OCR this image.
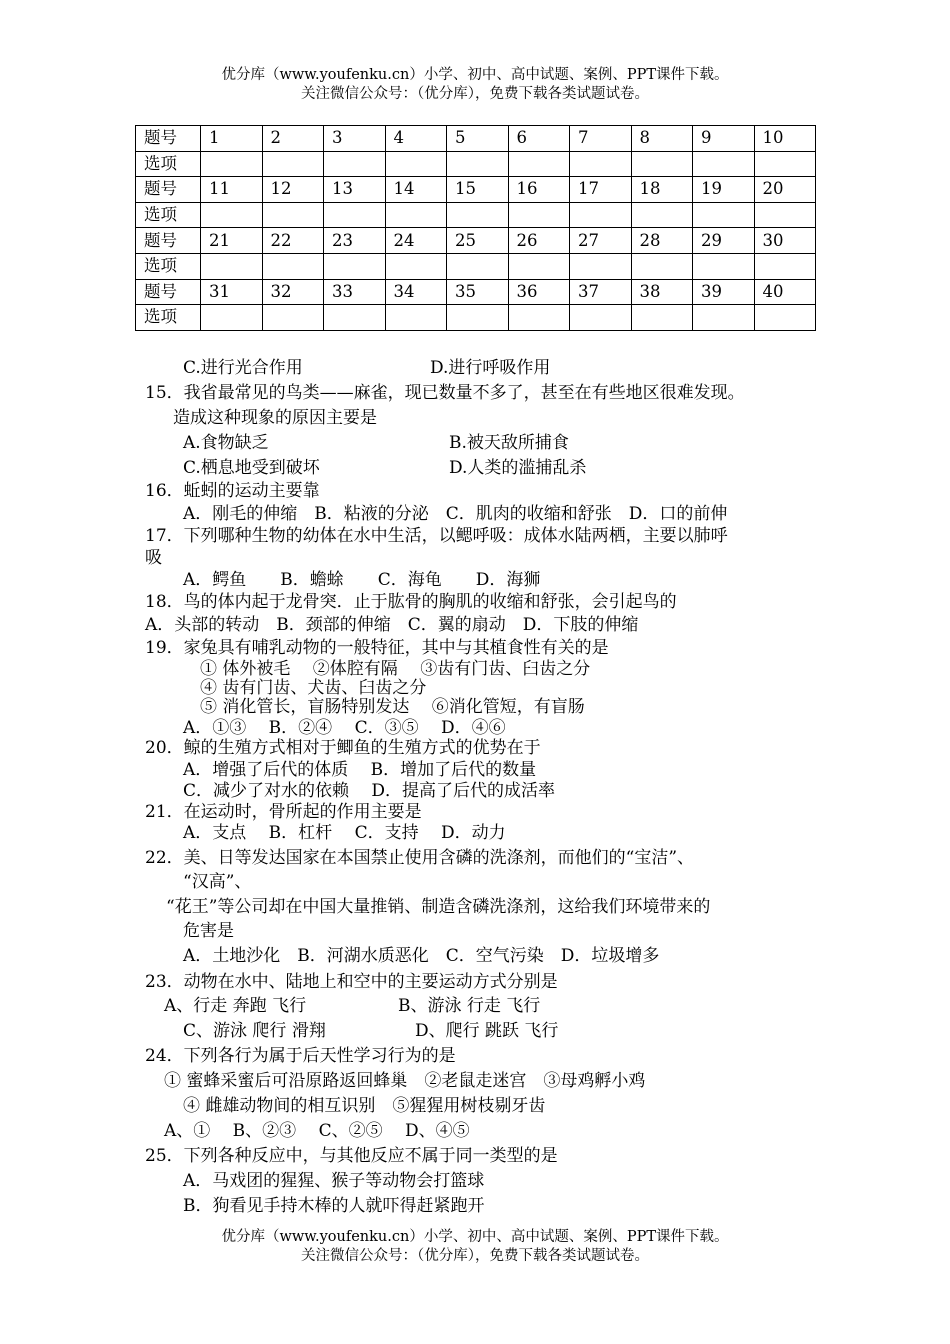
优分库（www.youfenku.cn）小学、初中、高中试题、案例、PPT课件下载。
关注微信公众号：（优分库），免费下载各类试题试卷。
题号	1	2	3	4	5	6	7	8	9	10
选项										
题号	11	12	13	14	15	16	17	18	19	20
选项										
题号	21	22	23	24	25	26	27	28	29	30
选项										
题号	31	32	33	34	35	36	37	38	39	40
选项										
C.进行光合作用	D.进行呼吸作用
15．我省最常见的鸟类——麻雀，现已数量不多了，甚至在有些地区很难发现。
造成这种现象的原因主要是
A.食物缺乏	B.被天敌所捕食
C.栖息地受到破坏	D.人类的滥捕乱杀
16．蚯蚓的运动主要靠
A．刚毛的伸缩　B．粘液的分泌　C．肌肉的收缩和舒张　D．口的前伸
17．下列哪种生物的幼体在水中生活，以鳃呼吸：成体水陆两栖，主要以肺呼
吸
A．鳄鱼　　B．蟾蜍　　C．海龟　　D．海狮
18．鸟的体内起于龙骨突．止于肱骨的胸肌的收缩和舒张，会引起鸟的
A．头部的转动　B．颈部的伸缩　C．翼的扇动　D．下肢的伸缩
19．家兔具有哺乳动物的一般特征，其中与其植食性有关的是
① 体外被毛　 ②体腔有隔　 ③齿有门齿、臼齿之分
④ 齿有门齿、犬齿、臼齿之分
⑤ 消化管长，盲肠特别发达　 ⑥消化管短，有盲肠
A．①③　 B．②④　 C．③⑤　 D．④⑥
20．鲸的生殖方式相对于鲫鱼的生殖方式的优势在于
A．增强了后代的体质　 B．增加了后代的数量
C．减少了对水的依赖　 D．提高了后代的成活率
21．在运动时，骨所起的作用主要是
A．支点　 B．杠杆　 C．支持　 D．动力
22．美、日等发达国家在本国禁止使用含磷的洗涤剂，而他们的“宝洁”、
“汉高”、
“花王”等公司却在中国大量推销、制造含磷洗涤剂，这给我们环境带来的
危害是
A．土地沙化　B．河湖水质恶化　C．空气污染　D．垃圾增多
23．动物在水中、陆地上和空中的主要运动方式分别是
A、行走 奔跑 飞行	B、游泳 行走 飞行
C、游泳 爬行 滑翔	D、爬行 跳跃 飞行
24．下列各行为属于后天性学习行为的是
① 蜜蜂采蜜后可沿原路返回蜂巢　②老鼠走迷宫　③母鸡孵小鸡
④ 雌雄动物间的相互识别　⑤猩猩用树枝剔牙齿
A、①　 B、②③　 C、②⑤　 D、④⑤
25．下列各种反应中，与其他反应不属于同一类型的是
A．马戏团的猩猩、猴子等动物会打篮球
B．狗看见手持木棒的人就吓得赶紧跑开
优分库（www.youfenku.cn）小学、初中、高中试题、案例、PPT课件下载。
关注微信公众号：（优分库），免费下载各类试题试卷。
